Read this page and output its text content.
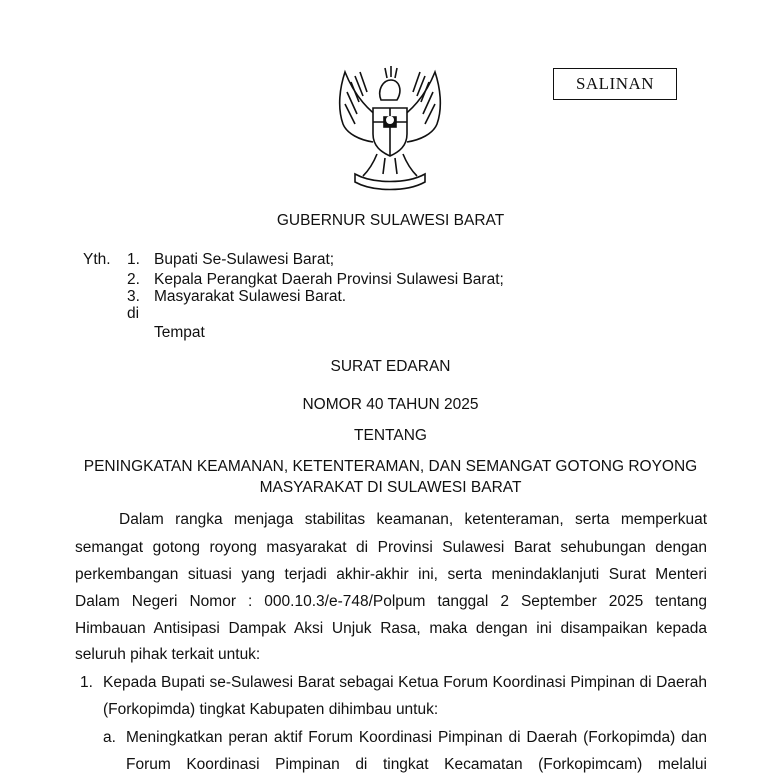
SALINAN
GUBERNUR SULAWESI BARAT
Yth. 1. Bupati Se-Sulawesi Barat;
2. Kepala Perangkat Daerah Provinsi Sulawesi Barat;
3. Masyarakat Sulawesi Barat.
di
Tempat
SURAT EDARAN
NOMOR 40 TAHUN 2025
TENTANG
PENINGKATAN KEAMANAN, KETENTERAMAN, DAN SEMANGAT GOTONG ROYONG
MASYARAKAT DI SULAWESI BARAT
Dalam rangka menjaga stabilitas keamanan, ketenteraman, serta memperkuat
semangat gotong royong masyarakat di Provinsi Sulawesi Barat sehubungan dengan
perkembangan situasi yang terjadi akhir-akhir ini, serta menindaklanjuti Surat Menteri
Dalam Negeri Nomor : 000.10.3/e-748/Polpum tanggal 2 September 2025 tentang
Himbauan Antisipasi Dampak Aksi Unjuk Rasa, maka dengan ini disampaikan kepada
seluruh pihak terkait untuk:
1. Kepada Bupati se-Sulawesi Barat sebagai Ketua Forum Koordinasi Pimpinan di Daerah
(Forkopimda) tingkat Kabupaten dihimbau untuk:
a. Meningkatkan peran aktif Forum Koordinasi Pimpinan di Daerah (Forkopimda) dan
Forum Koordinasi Pimpinan di tingkat Kecamatan (Forkopimcam) melalui
